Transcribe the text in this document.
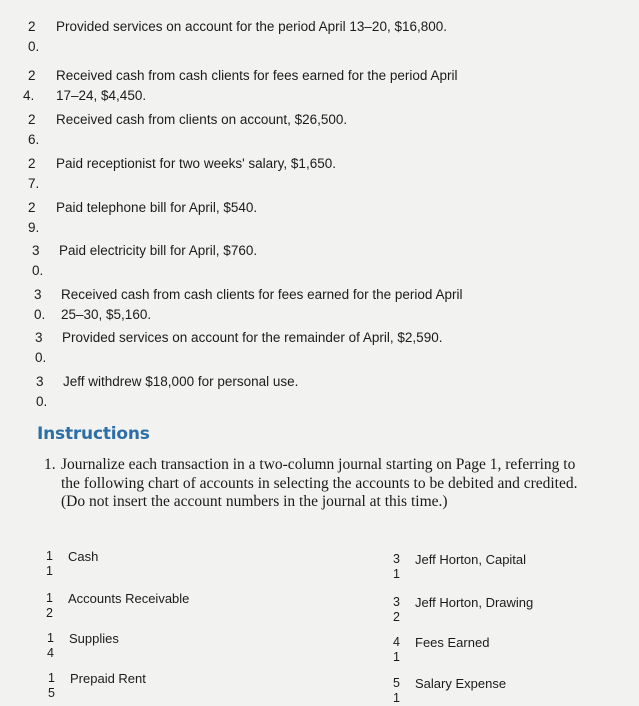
2
0.
Provided services on account for the period April 13–20, $16,800.
2
4.
Received cash from cash clients for fees earned for the period April 17–24, $4,450.
2
6.
Received cash from clients on account, $26,500.
2
7.
Paid receptionist for two weeks' salary, $1,650.
2
9.
Paid telephone bill for April, $540.
3
0.
Paid electricity bill for April, $760.
3
0.
Received cash from cash clients for fees earned for the period April 25–30, $5,160.
3
0.
Provided services on account for the remainder of April, $2,590.
3
0.
Jeff withdrew $18,000 for personal use.
Instructions
1. Journalize each transaction in a two-column journal starting on Page 1, referring to the following chart of accounts in selecting the accounts to be debited and credited. (Do not insert the account numbers in the journal at this time.)
1
1
Cash
1
2
Accounts Receivable
1
4
Supplies
1
5
Prepaid Rent
3
1
Jeff Horton, Capital
3
2
Jeff Horton, Drawing
4
1
Fees Earned
5
1
Salary Expense
